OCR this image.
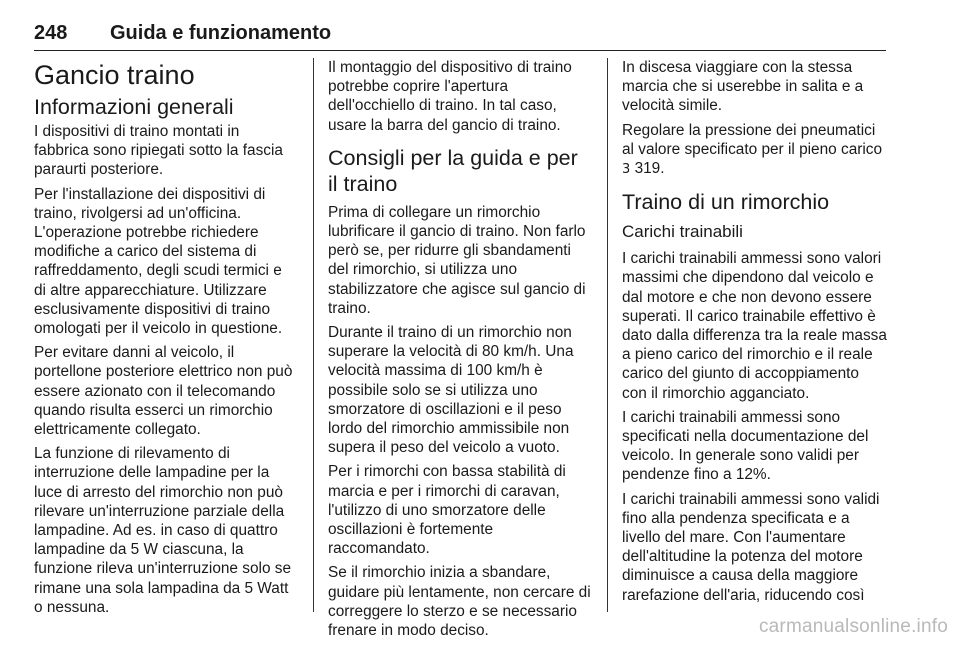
248 Guida e funzionamento
Gancio traino
Informazioni generali

I dispositivi di traino montati in fabbrica sono ripiegati sotto la fascia paraurti posteriore.

Per l'installazione dei dispositivi di traino, rivolgersi ad un'officina. L'operazione potrebbe richiedere modifiche a carico del sistema di raffreddamento, degli scudi termici e di altre apparecchiature. Utilizzare esclusivamente dispositivi di traino omologati per il veicolo in questione.

Per evitare danni al veicolo, il portellone posteriore elettrico non può essere azionato con il telecomando quando risulta esserci un rimorchio elettricamente collegato.

La funzione di rilevamento di interruzione delle lampadine per la luce di arresto del rimorchio non può rilevare un'interruzione parziale della lampadine. Ad es. in caso di quattro lampadine da 5 W ciascuna, la funzione rileva un'interruzione solo se rimane una sola lampadina da 5 Watt o nessuna.

Il montaggio del dispositivo di traino potrebbe coprire l'apertura dell'occhiello di traino. In tal caso, usare la barra del gancio di traino.

Consigli per la guida e per il traino

Prima di collegare un rimorchio lubrificare il gancio di traino. Non farlo però se, per ridurre gli sbandamenti del rimorchio, si utilizza uno stabilizzatore che agisce sul gancio di traino.

Durante il traino di un rimorchio non superare la velocità di 80 km/h. Una velocità massima di 100 km/h è possibile solo se si utilizza uno smorzatore di oscillazioni e il peso lordo del rimorchio ammissibile non supera il peso del veicolo a vuoto.

Per i rimorchi con bassa stabilità di marcia e per i rimorchi di caravan, l'utilizzo di uno smorzatore delle oscillazioni è fortemente raccomandato.

Se il rimorchio inizia a sbandare, guidare più lentamente, non cercare di correggere lo sterzo e se necessario frenare in modo deciso.

In discesa viaggiare con la stessa marcia che si userebbe in salita e a velocità simile.

Regolare la pressione dei pneumatici al valore specificato per il pieno carico 3 319.

Traino di un rimorchio
Carichi trainabili

I carichi trainabili ammessi sono valori massimi che dipendono dal veicolo e dal motore e che non devono essere superati. Il carico trainabile effettivo è dato dalla differenza tra la reale massa a pieno carico del rimorchio e il reale carico del giunto di accoppiamento con il rimorchio agganciato.

I carichi trainabili ammessi sono specificati nella documentazione del veicolo. In generale sono validi per pendenze fino a 12%.

I carichi trainabili ammessi sono validi fino alla pendenza specificata e a livello del mare. Con l'aumentare dell'altitudine la potenza del motore diminuisce a causa della maggiore rarefazione dell'aria, riducendo così

carmanualsonline.info
